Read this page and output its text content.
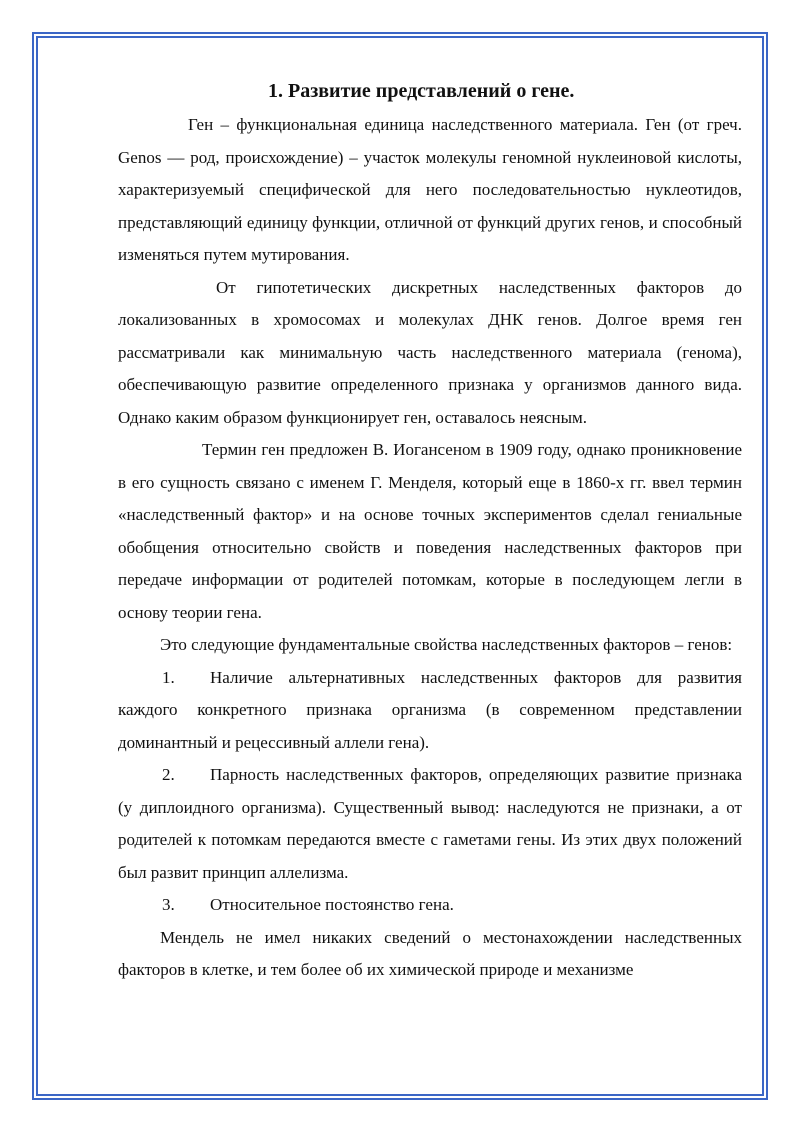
1. Развитие представлений о гене.

Ген – функциональная единица наследственного материала. Ген (от греч. Genos — род, происхождение) – участок молекулы геномной нуклеиновой кислоты, характеризуемый специфической для него последовательностью нуклеотидов, представляющий единицу функции, отличной от функций других генов, и способный изменяться путем мутирования.

От гипотетических дискретных наследственных факторов до локализованных в хромосомах и молекулах ДНК генов. Долгое время ген рассматривали как минимальную часть наследственного материала (генома), обеспечивающую развитие определенного признака у организмов данного вида. Однако каким образом функционирует ген, оставалось неясным.

Термин ген предложен В. Иогансеном в 1909 году, однако проникновение в его сущность связано с именем Г. Менделя, который еще в 1860-х гг. ввел термин «наследственный фактор» и на основе точных экспериментов сделал гениальные обобщения относительно свойств и поведения наследственных факторов при передаче информации от родителей потомкам, которые в последующем легли в основу теории гена.

Это следующие фундаментальные свойства наследственных факторов – генов:

1. Наличие альтернативных наследственных факторов для развития каждого конкретного признака организма (в современном представлении доминантный и рецессивный аллели гена).

2. Парность наследственных факторов, определяющих развитие признака (у диплоидного организма). Существенный вывод: наследуются не признаки, а от родителей к потомкам передаются вместе с гаметами гены. Из этих двух положений был развит принцип аллелизма.

3. Относительное постоянство гена.

Мендель не имел никаких сведений о местонахождении наследственных факторов в клетке, и тем более об их химической природе и механизме
